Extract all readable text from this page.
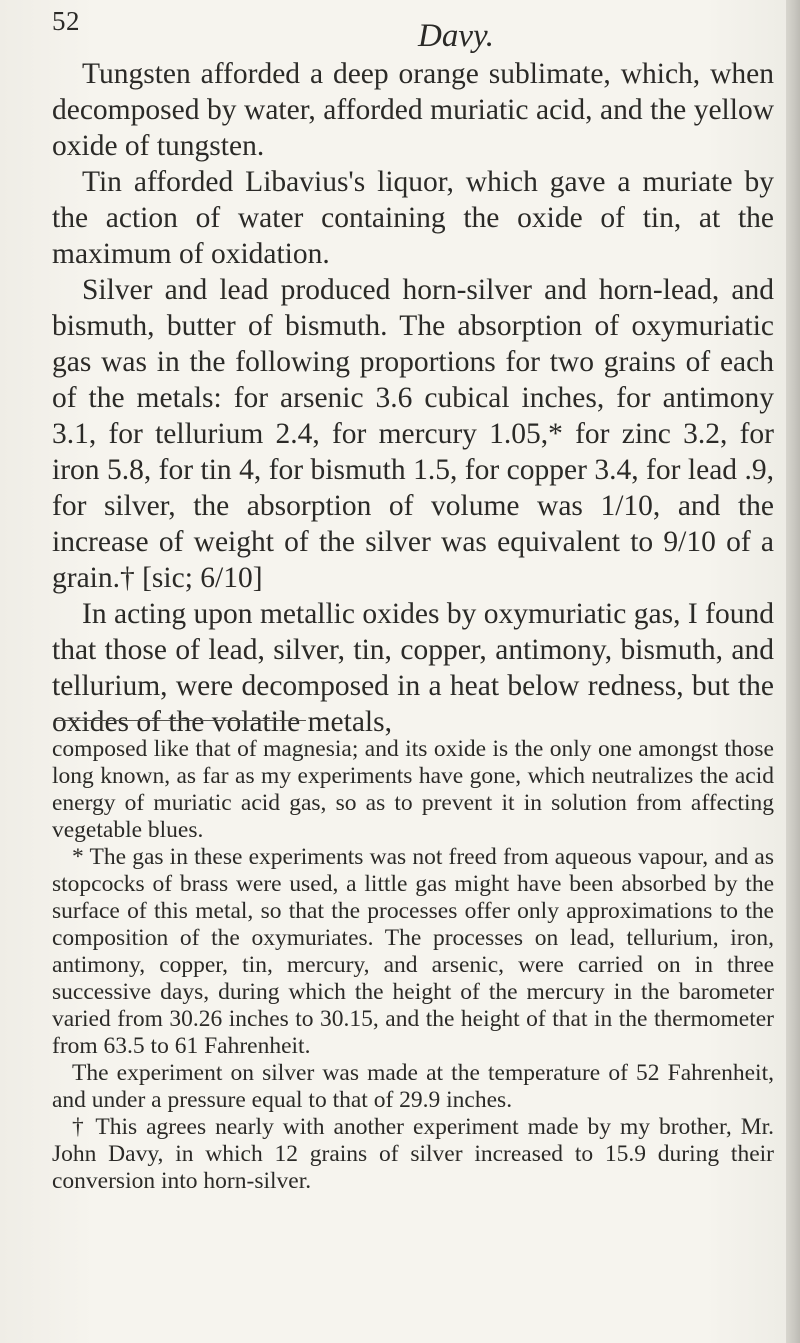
52	Davy.

Tungsten afforded a deep orange sublimate, which, when decomposed by water, afforded muriatic acid, and the yellow oxide of tungsten.

Tin afforded Libavius's liquor, which gave a muriate by the action of water containing the oxide of tin, at the maximum of oxidation.

Silver and lead produced horn-silver and horn-lead, and bismuth, butter of bismuth. The absorption of oxymuriatic gas was in the following proportions for two grains of each of the metals: for arsenic 3.6 cubical inches, for antimony 3.1, for tellurium 2.4, for mercury 1.05,* for zinc 3.2, for iron 5.8, for tin 4, for bismuth 1.5, for copper 3.4, for lead .9, for silver, the absorption of volume was 1/10, and the increase of weight of the silver was equivalent to 9/10 of a grain.† [sic; 6/10]

In acting upon metallic oxides by oxymuriatic gas, I found that those of lead, silver, tin, copper, antimony, bismuth, and tellurium, were decomposed in a heat below redness, but the oxides of the volatile metals,

composed like that of magnesia; and its oxide is the only one amongst those long known, as far as my experiments have gone, which neutralizes the acid energy of muriatic acid gas, so as to prevent it in solution from affecting vegetable blues.

* The gas in these experiments was not freed from aqueous vapour, and as stopcocks of brass were used, a little gas might have been absorbed by the surface of this metal, so that the processes offer only approximations to the composition of the oxymuriates. The processes on lead, tellurium, iron, antimony, copper, tin, mercury, and arsenic, were carried on in three successive days, during which the height of the mercury in the barometer varied from 30.26 inches to 30.15, and the height of that in the thermometer from 63.5 to 61 Fahrenheit.

The experiment on silver was made at the temperature of 52 Fahrenheit, and under a pressure equal to that of 29.9 inches.

† This agrees nearly with another experiment made by my brother, Mr. John Davy, in which 12 grains of silver increased to 15.9 during their conversion into horn-silver.
